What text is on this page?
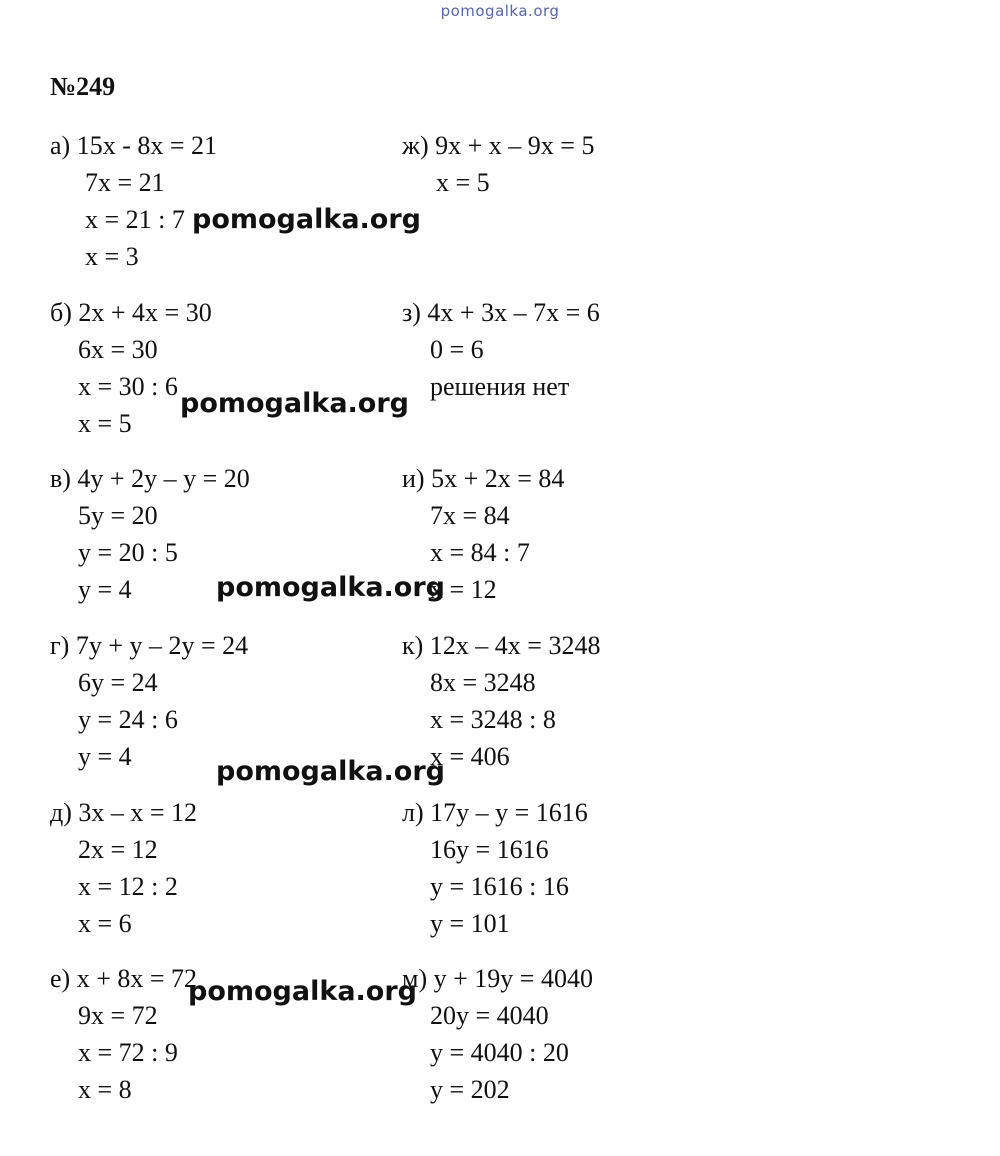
pomogalka.org
№249
а) 15x - 8x = 21
7x = 21
x = 21 : 7
x = 3
б) 2x + 4x = 30
6x = 30
x = 30 : 6
x = 5
в) 4y + 2y – y = 20
5y = 20
y = 20 : 5
y = 4
г) 7y + y – 2y = 24
6y = 24
y = 24 : 6
y = 4
д) 3x – x = 12
2x = 12
x = 12 : 2
x = 6
е) x + 8x = 72
9x = 72
x = 72 : 9
x = 8
ж) 9x + x – 9x = 5
x = 5
з) 4x + 3x – 7x = 6
0 = 6
решения нет
и) 5x + 2x = 84
7x = 84
x = 84 : 7
x = 12
к) 12x – 4x = 3248
8x = 3248
x = 3248 : 8
x = 406
л) 17y – y = 1616
16y = 1616
y = 1616 : 16
y = 101
м) y + 19y = 4040
20y = 4040
y = 4040 : 20
y = 202
pomogalka.org
pomogalka.org
pomogalka.org
pomogalka.org
pomogalka.org
